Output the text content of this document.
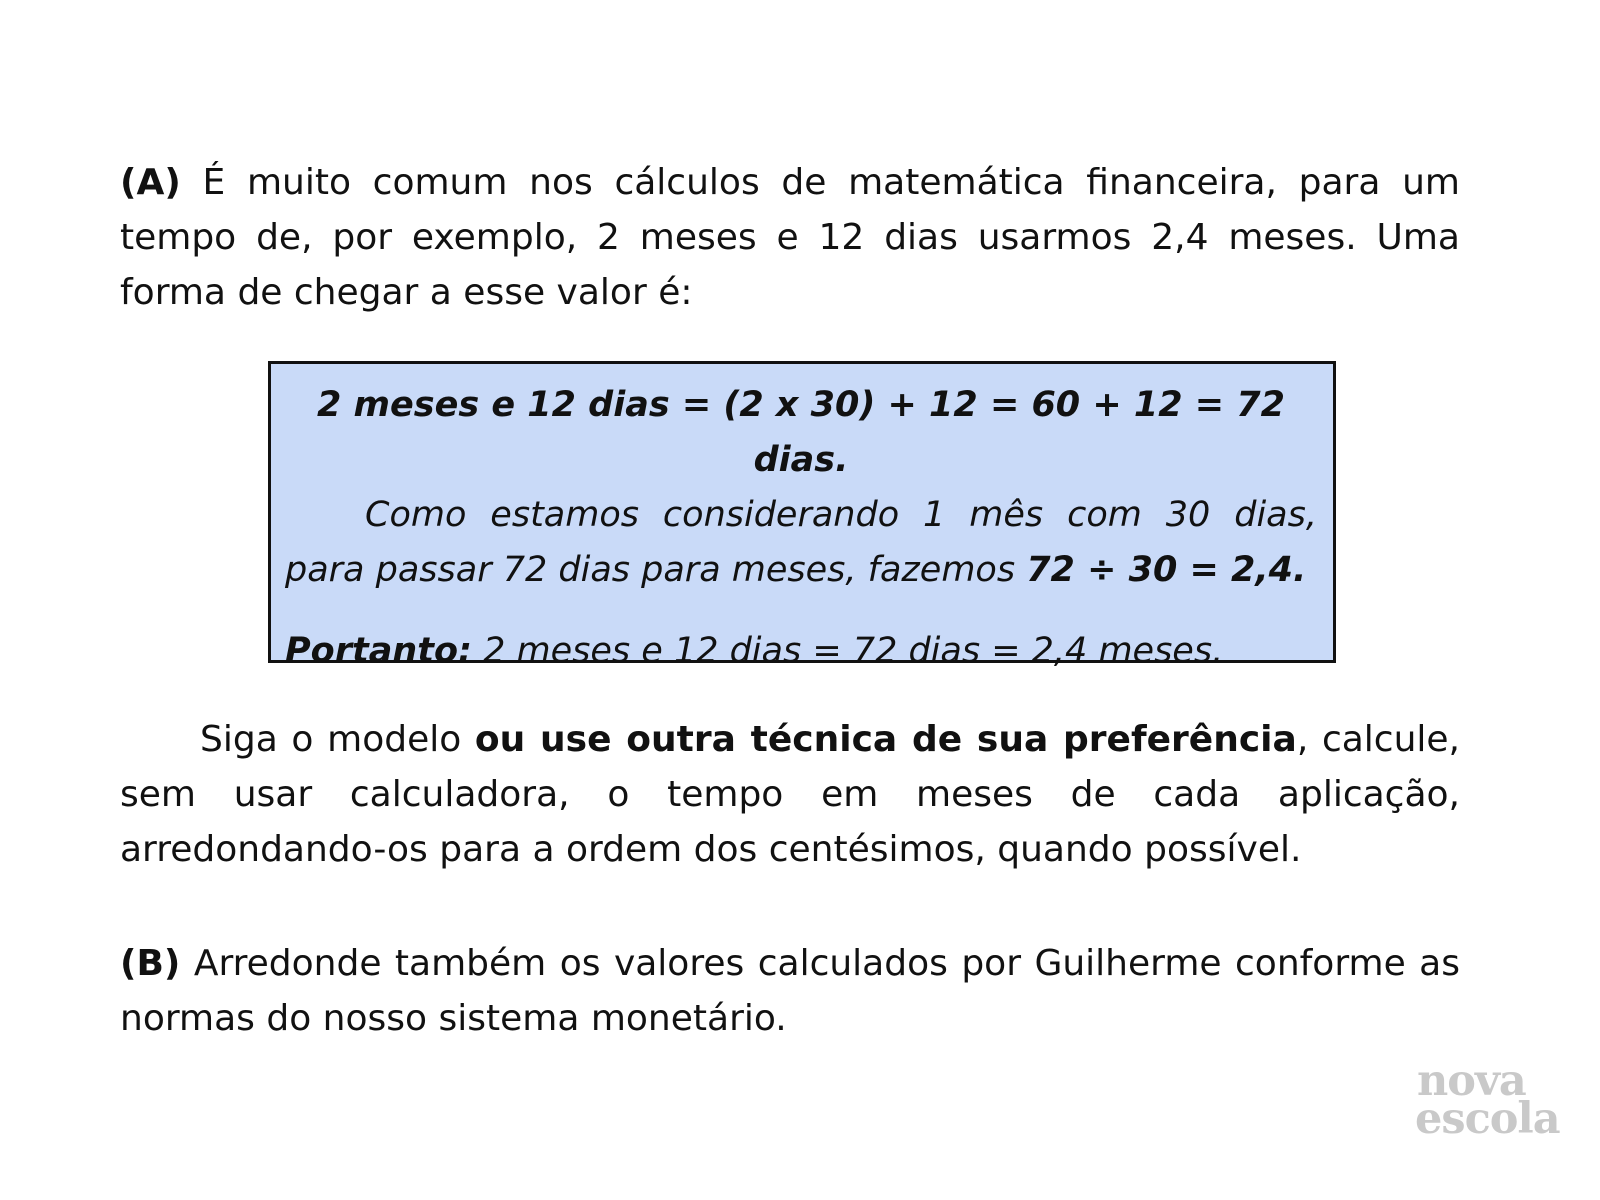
(A) É muito comum nos cálculos de matemática financeira, para um tempo de, por exemplo, 2 meses e 12 dias usarmos 2,4 meses. Uma forma de chegar a esse valor é:
2 meses e 12 dias = (2 x 30) + 12 = 60 + 12 = 72 dias.
Como estamos considerando 1 mês com 30 dias, para passar 72 dias para meses, fazemos 72 ÷ 30 = 2,4.
Portanto: 2 meses e 12 dias = 72 dias = 2,4 meses.
Siga o modelo ou use outra técnica de sua preferência, calcule, sem usar calculadora, o tempo em meses de cada aplicação, arredondando-os para a ordem dos centésimos, quando possível.
(B) Arredonde também os valores calculados por Guilherme conforme as normas do nosso sistema monetário.
nova
escola
